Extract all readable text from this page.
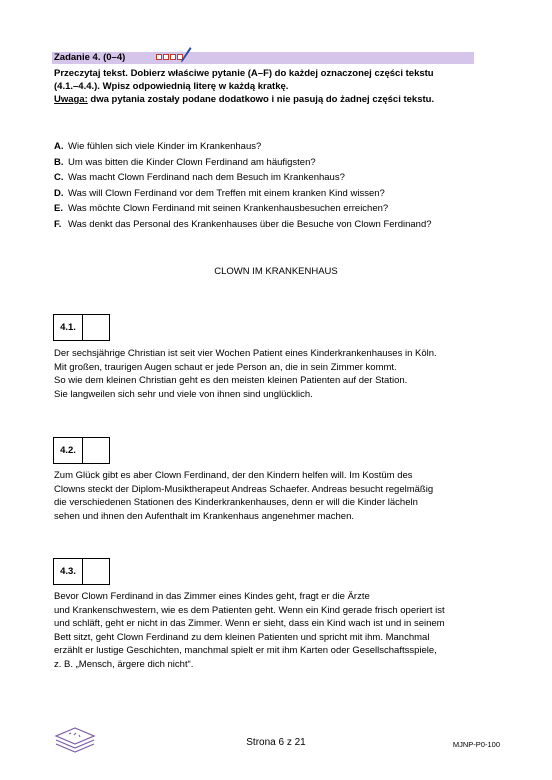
Zadanie 4. (0–4)
Przeczytaj tekst. Dobierz właściwe pytanie (A–F) do każdej oznaczonej części tekstu
(4.1.–4.4.). Wpisz odpowiednią literę w każdą kratkę.
Uwaga: dwa pytania zostały podane dodatkowo i nie pasują do żadnej części tekstu.
A. Wie fühlen sich viele Kinder im Krankenhaus?
B. Um was bitten die Kinder Clown Ferdinand am häufigsten?
C. Was macht Clown Ferdinand nach dem Besuch im Krankenhaus?
D. Was will Clown Ferdinand vor dem Treffen mit einem kranken Kind wissen?
E. Was möchte Clown Ferdinand mit seinen Krankenhausbesuchen erreichen?
F. Was denkt das Personal des Krankenhauses über die Besuche von Clown Ferdinand?
CLOWN IM KRANKENHAUS
4.1.
Der sechsjährige Christian ist seit vier Wochen Patient eines Kinderkrankenhauses in Köln.
Mit großen, traurigen Augen schaut er jede Person an, die in sein Zimmer kommt.
So wie dem kleinen Christian geht es den meisten kleinen Patienten auf der Station.
Sie langweilen sich sehr und viele von ihnen sind unglücklich.
4.2.
Zum Glück gibt es aber Clown Ferdinand, der den Kindern helfen will. Im Kostüm des
Clowns steckt der Diplom-Musiktherapeut Andreas Schaefer. Andreas besucht regelmäßig
die verschiedenen Stationen des Kinderkrankenhauses, denn er will die Kinder lächeln
sehen und ihnen den Aufenthalt im Krankenhaus angenehmer machen.
4.3.
Bevor Clown Ferdinand in das Zimmer eines Kindes geht, fragt er die Ärzte
und Krankenschwestern, wie es dem Patienten geht. Wenn ein Kind gerade frisch operiert ist
und schläft, geht er nicht in das Zimmer. Wenn er sieht, dass ein Kind wach ist und in seinem
Bett sitzt, geht Clown Ferdinand zu dem kleinen Patienten und spricht mit ihm. Manchmal
erzählt er lustige Geschichten, manchmal spielt er mit ihm Karten oder Gesellschaftsspiele,
z. B. „Mensch, ärgere dich nicht“.
Strona 6 z 21	MJNP-P0-100
